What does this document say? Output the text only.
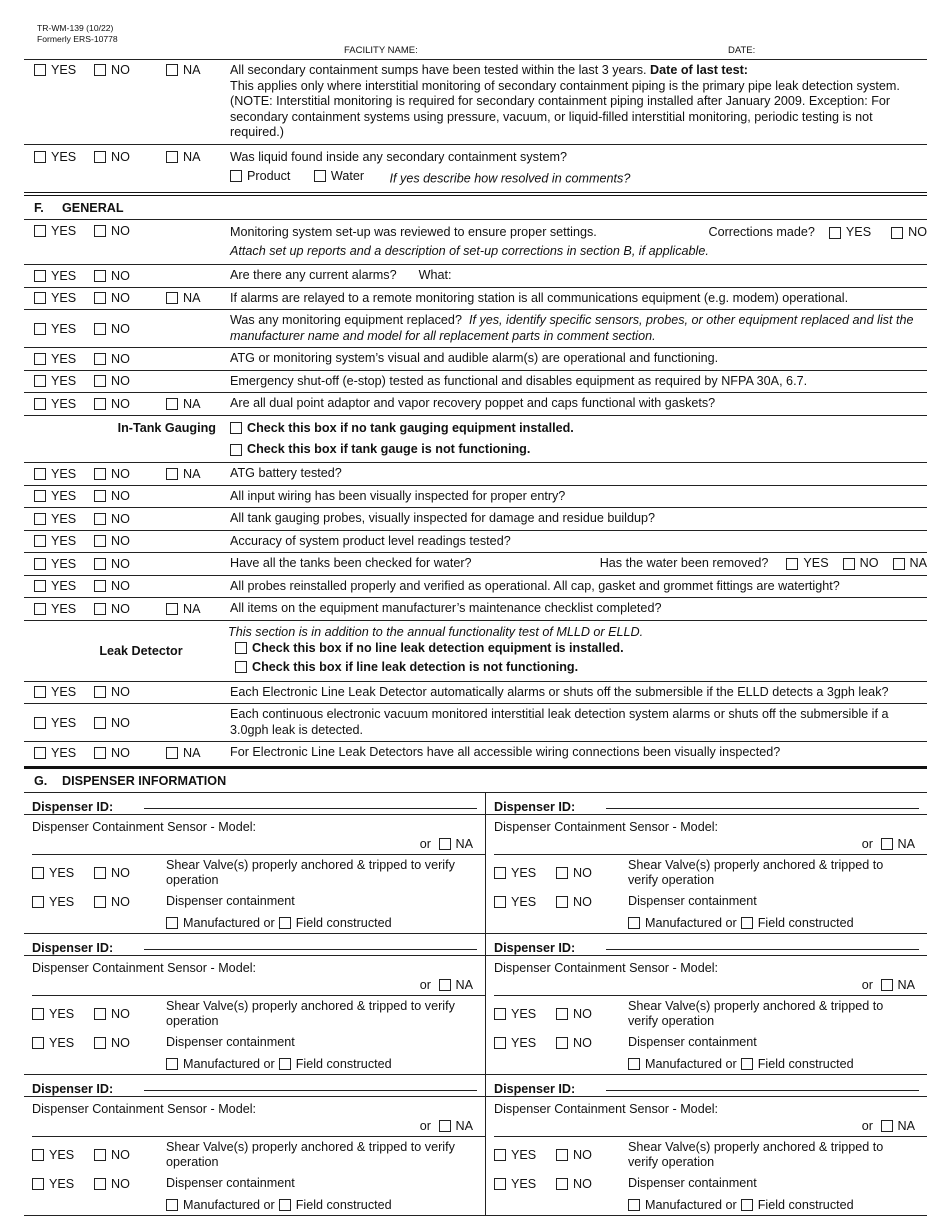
TR-WM-139 (10/22)
Formerly ERS-10778
FACILITY NAME:	DATE:
YES	NO	NA All secondary containment sumps have been tested within the last 3 years. Date of last test:
This applies only where interstitial monitoring of secondary containment piping is the primary pipe leak detection system. (NOTE: Interstitial monitoring is required for secondary containment piping installed after January 2009. Exception: For secondary containment systems using pressure, vacuum, or liquid-filled interstitial monitoring, periodic testing is not required.)
YES	NO	NA Was liquid found inside any secondary containment system?
Product
	Water If yes describe how resolved in comments?
F. GENERAL
YES	NO	Monitoring system set-up was reviewed to ensure proper settings.	Corrections made? YES	NO
Attach set up reports and a description of set-up corrections in section B, if applicable.
YES	NO	Are there any current alarms? What:
YES	NO	NA If alarms are relayed to a remote monitoring station is all communications equipment (e.g. modem) operational.
YES	NO
Was any monitoring equipment replaced? If yes, identify specific sensors, probes, or other equipment replaced and list the manufacturer name and model for all replacement parts in comment section.
YES	NO	ATG or monitoring system’s visual and audible alarm(s) are operational and functioning.
YES	NO	Emergency shut-off (e-stop) tested as functional and disables equipment as required by NFPA 30A, 6.7.
YES	NO	NA Are all dual point adaptor and vapor recovery poppet and caps functional with gaskets?
In-Tank Gauging	Check this box if no tank gauging equipment installed.
Check this box if tank gauge is not functioning.
YES	NO	NA ATG battery tested?
YES	NO	All input wiring has been visually inspected for proper entry?
YES	NO	All tank gauging probes, visually inspected for damage and residue buildup?
YES	NO	Accuracy of system product level readings tested?
YES	NO	Have all the tanks been checked for water?	Has the water been removed?	YES NO NA
YES	NO	All probes reinstalled properly and verified as operational. All cap, gasket and grommet fittings are watertight?
YES	NO	NA All items on the equipment manufacturer’s maintenance checklist completed?
Leak Detector
This section is in addition to the annual functionality test of MLLD or ELLD.
Check this box if no line leak detection equipment is installed.
Check this box if line leak detection is not functioning.
YES	NO	Each Electronic Line Leak Detector automatically alarms or shuts off the submersible if the ELLD detects a 3gph leak?
YES	NO
Each continuous electronic vacuum monitored interstitial leak detection system alarms or shuts off the submersible if a 3.0gph leak is detected.
YES	NO	NA For Electronic Line Leak Detectors have all accessible wiring connections been visually inspected?
G. DISPENSER INFORMATION
Dispenser ID:
Dispenser Containment Sensor - Model:
or NA
YES	NO
Shear Valve(s) properly anchored & tripped to verify operation
YES	NO	Dispenser containment
Manufactured or Field constructed
Dispenser ID:
Dispenser Containment Sensor - Model:
or NA
YES	NO
Shear Valve(s) properly anchored & tripped to verify operation
YES	NO	Dispenser containment
Manufactured or Field constructed
Dispenser ID:
Dispenser Containment Sensor - Model:
or NA
YES	NO
Shear Valve(s) properly anchored & tripped to verify operation
YES	NO	Dispenser containment
Manufactured or Field constructed
Dispenser ID:
Dispenser Containment Sensor - Model:
or NA
YES	NO
Shear Valve(s) properly anchored & tripped to verify operation
YES	NO	Dispenser containment
Manufactured or Field constructed
Dispenser ID:
Dispenser Containment Sensor - Model:
or NA
YES	NO
Shear Valve(s) properly anchored & tripped to verify operation
YES	NO	Dispenser containment
Manufactured or Field constructed
Dispenser ID:
Dispenser Containment Sensor - Model:
or NA
YES	NO
Shear Valve(s) properly anchored & tripped to verify operation
YES	NO	Dispenser containment
Manufactured or Field constructed
